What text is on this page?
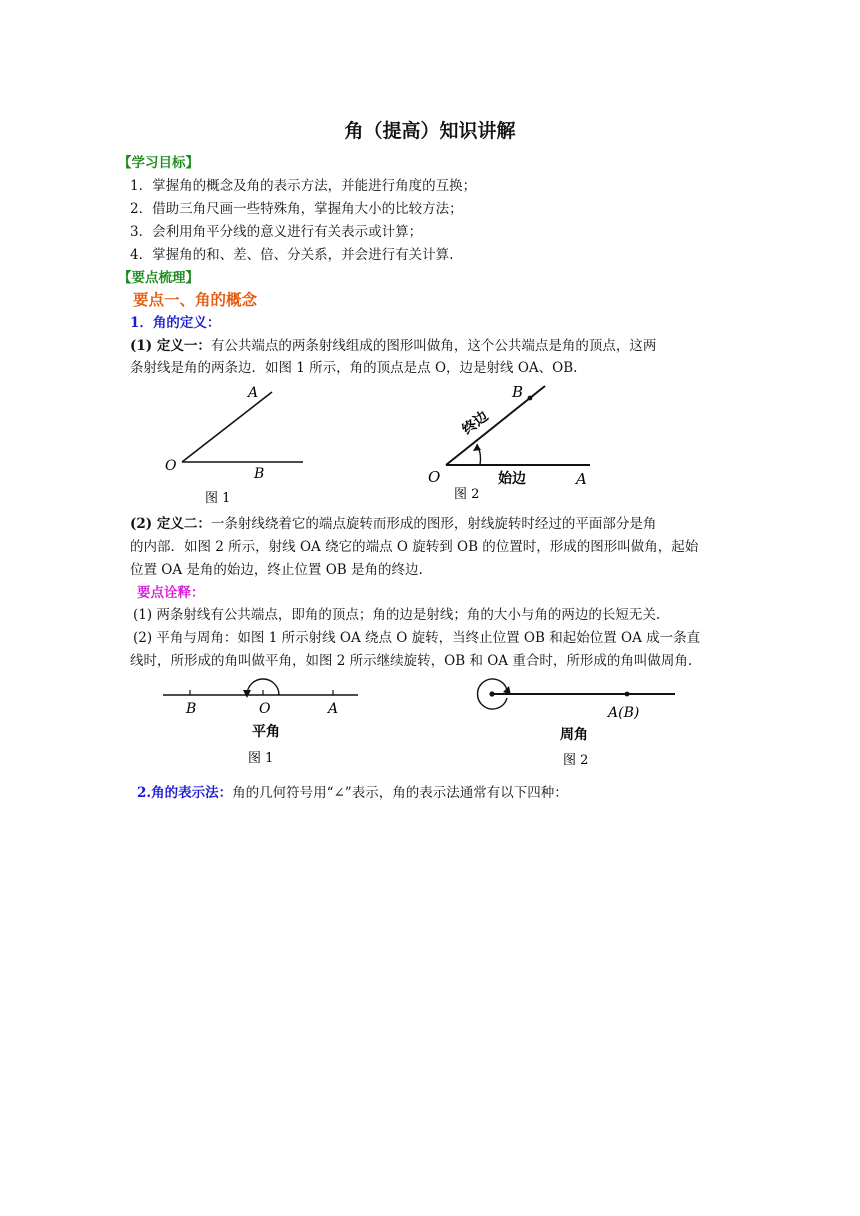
角（提高）知识讲解
【学习目标】
1．掌握角的概念及角的表示方法，并能进行角度的互换；
2．借助三角尺画一些特殊角，掌握角大小的比较方法；
3．会利用角平分线的意义进行有关表示或计算；
4．掌握角的和、差、倍、分关系，并会进行有关计算.
【要点梳理】
要点一、角的概念
1．角的定义：
(1) 定义一：有公共端点的两条射线组成的图形叫做角，这个公共端点是角的顶点，这两
条射线是角的两条边．如图 1 所示，角的顶点是点 O，边是射线 OA、OB.
A
O	B
图 1
B
O	A
始边
终边
图 2
(2) 定义二：一条射线绕着它的端点旋转而形成的图形，射线旋转时经过的平面部分是角
的内部．如图 2 所示，射线 OA 绕它的端点 O 旋转到 OB 的位置时，形成的图形叫做角，起始
位置 OA 是角的始边，终止位置 OB 是角的终边.
要点诠释：
(1) 两条射线有公共端点，即角的顶点；角的边是射线；角的大小与角的两边的长短无关.
(2) 平角与周角：如图 1 所示射线 OA 绕点 O 旋转，当终止位置 OB 和起始位置 OA 成一条直
线时，所形成的角叫做平角，如图 2 所示继续旋转，OB 和 OA 重合时，所形成的角叫做周角.
B	O	A
平角
图 1
A(B)
周角
图 2
2.角的表示法：角的几何符号用“∠”表示，角的表示法通常有以下四种：
